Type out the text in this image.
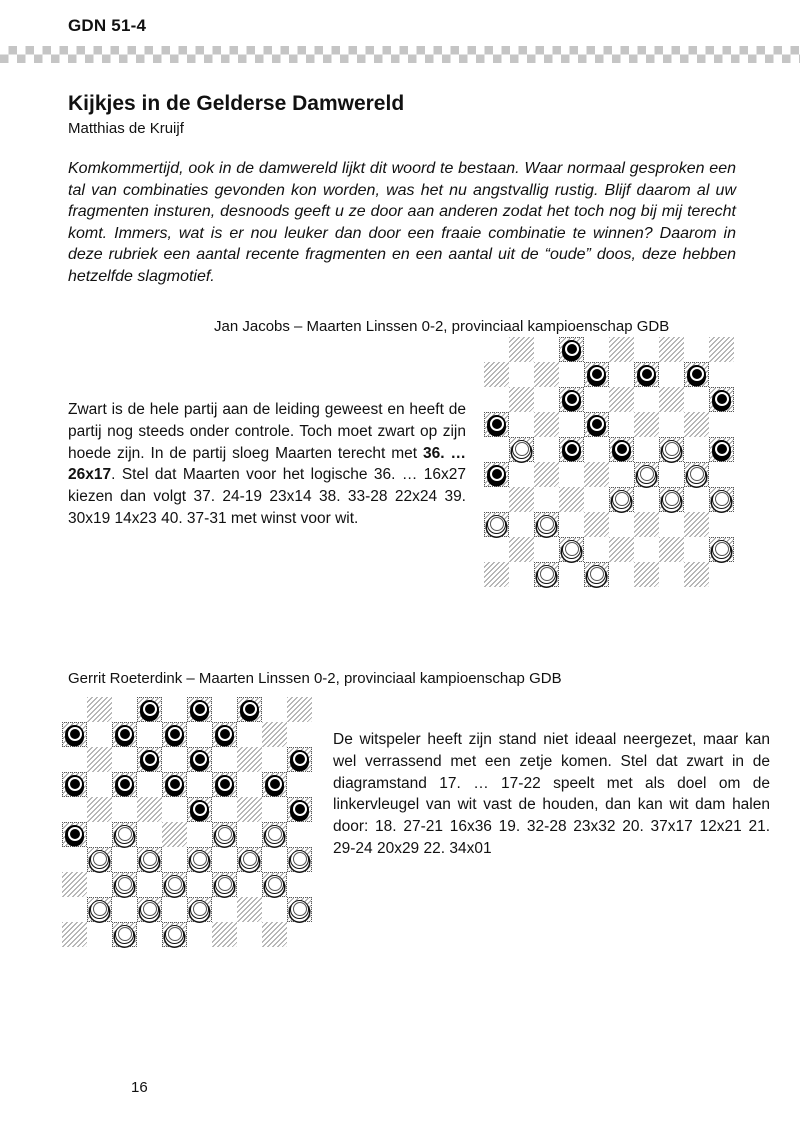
GDN 51-4
Kijkjes in de Gelderse Damwereld
Matthias de Kruijf
Komkommertijd, ook in de damwereld lijkt dit woord te bestaan. Waar normaal gesproken een tal van combinaties gevonden kon worden, was het nu angstvallig rustig. Blijf daarom al uw fragmenten insturen, desnoods geeft u ze door aan anderen zodat het toch nog bij mij terecht komt. Immers, wat is er nou leuker dan door een fraaie combinatie te winnen? Daarom in deze rubriek een aantal recente fragmenten en een aantal uit de “oude” doos, deze hebben hetzelfde slagmotief.
Jan Jacobs – Maarten Linssen 0-2, provinciaal kampioenschap GDB
Zwart is de hele partij aan de leiding geweest en heeft de partij nog steeds onder controle. Toch moet zwart op zijn hoede zijn. In de partij sloeg Maarten terecht met 36. … 26x17. Stel dat Maarten voor het logische 36. … 16x27 kiezen dan volgt 37. 24-19 23x14 38. 33-28 22x24 39. 30x19 14x23 40. 37-31 met winst voor wit.
Gerrit Roeterdink – Maarten Linssen 0-2, provinciaal kampioenschap GDB
De witspeler heeft zijn stand niet ideaal neergezet, maar kan wel verrassend met een zetje komen. Stel dat zwart in de diagramstand 17. … 17-22 speelt met als doel om de linkervleugel van wit vast de houden, dan kan wit dam halen door: 18. 27-21 16x36 19. 32-28 23x32 20. 37x17 12x21 21. 29-24 20x29 22. 34x01
16
